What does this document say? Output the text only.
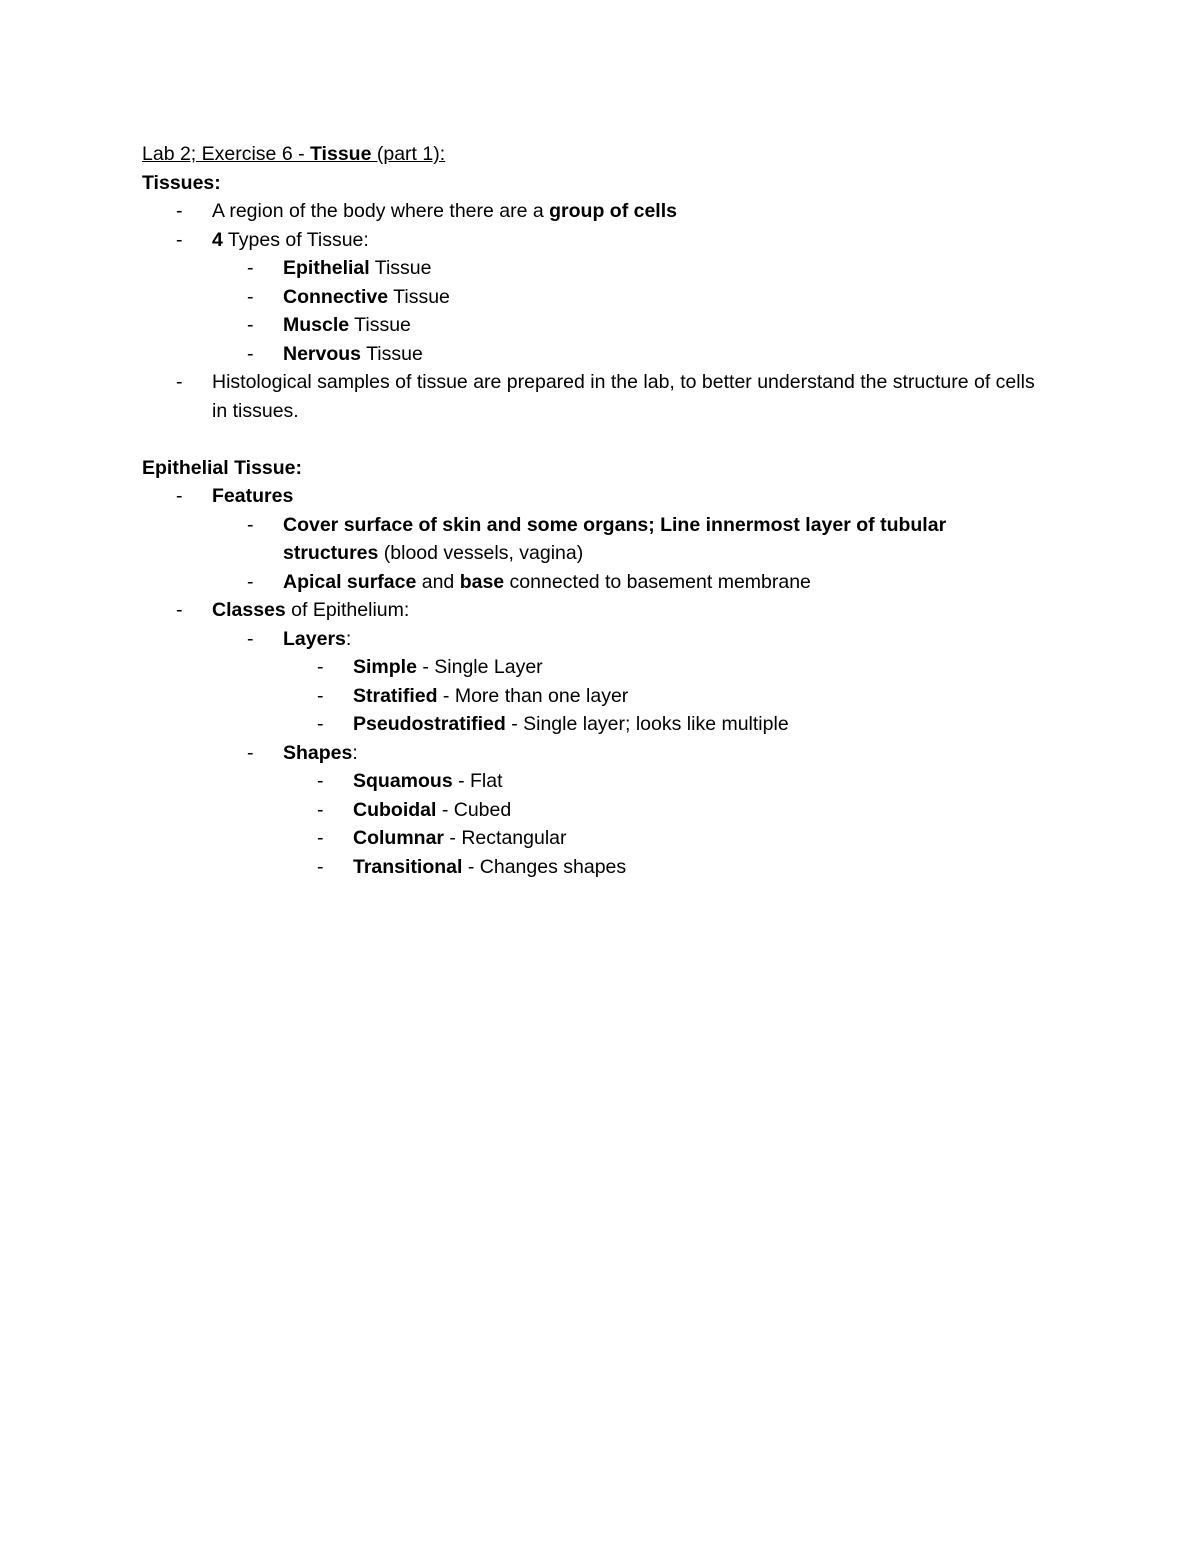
Lab 2; Exercise 6 - Tissue (part 1):
Tissues:
- A region of the body where there are a group of cells
- 4 Types of Tissue:
- Epithelial Tissue
- Connective Tissue
- Muscle Tissue
- Nervous Tissue
- Histological samples of tissue are prepared in the lab, to better understand the structure of cells in tissues.
Epithelial Tissue:
- Features
- Cover surface of skin and some organs; Line innermost layer of tubular structures (blood vessels, vagina)
- Apical surface and base connected to basement membrane
- Classes of Epithelium:
- Layers:
- Simple - Single Layer
- Stratified - More than one layer
- Pseudostratified - Single layer; looks like multiple
- Shapes:
- Squamous - Flat
- Cuboidal - Cubed
- Columnar - Rectangular
- Transitional - Changes shapes
